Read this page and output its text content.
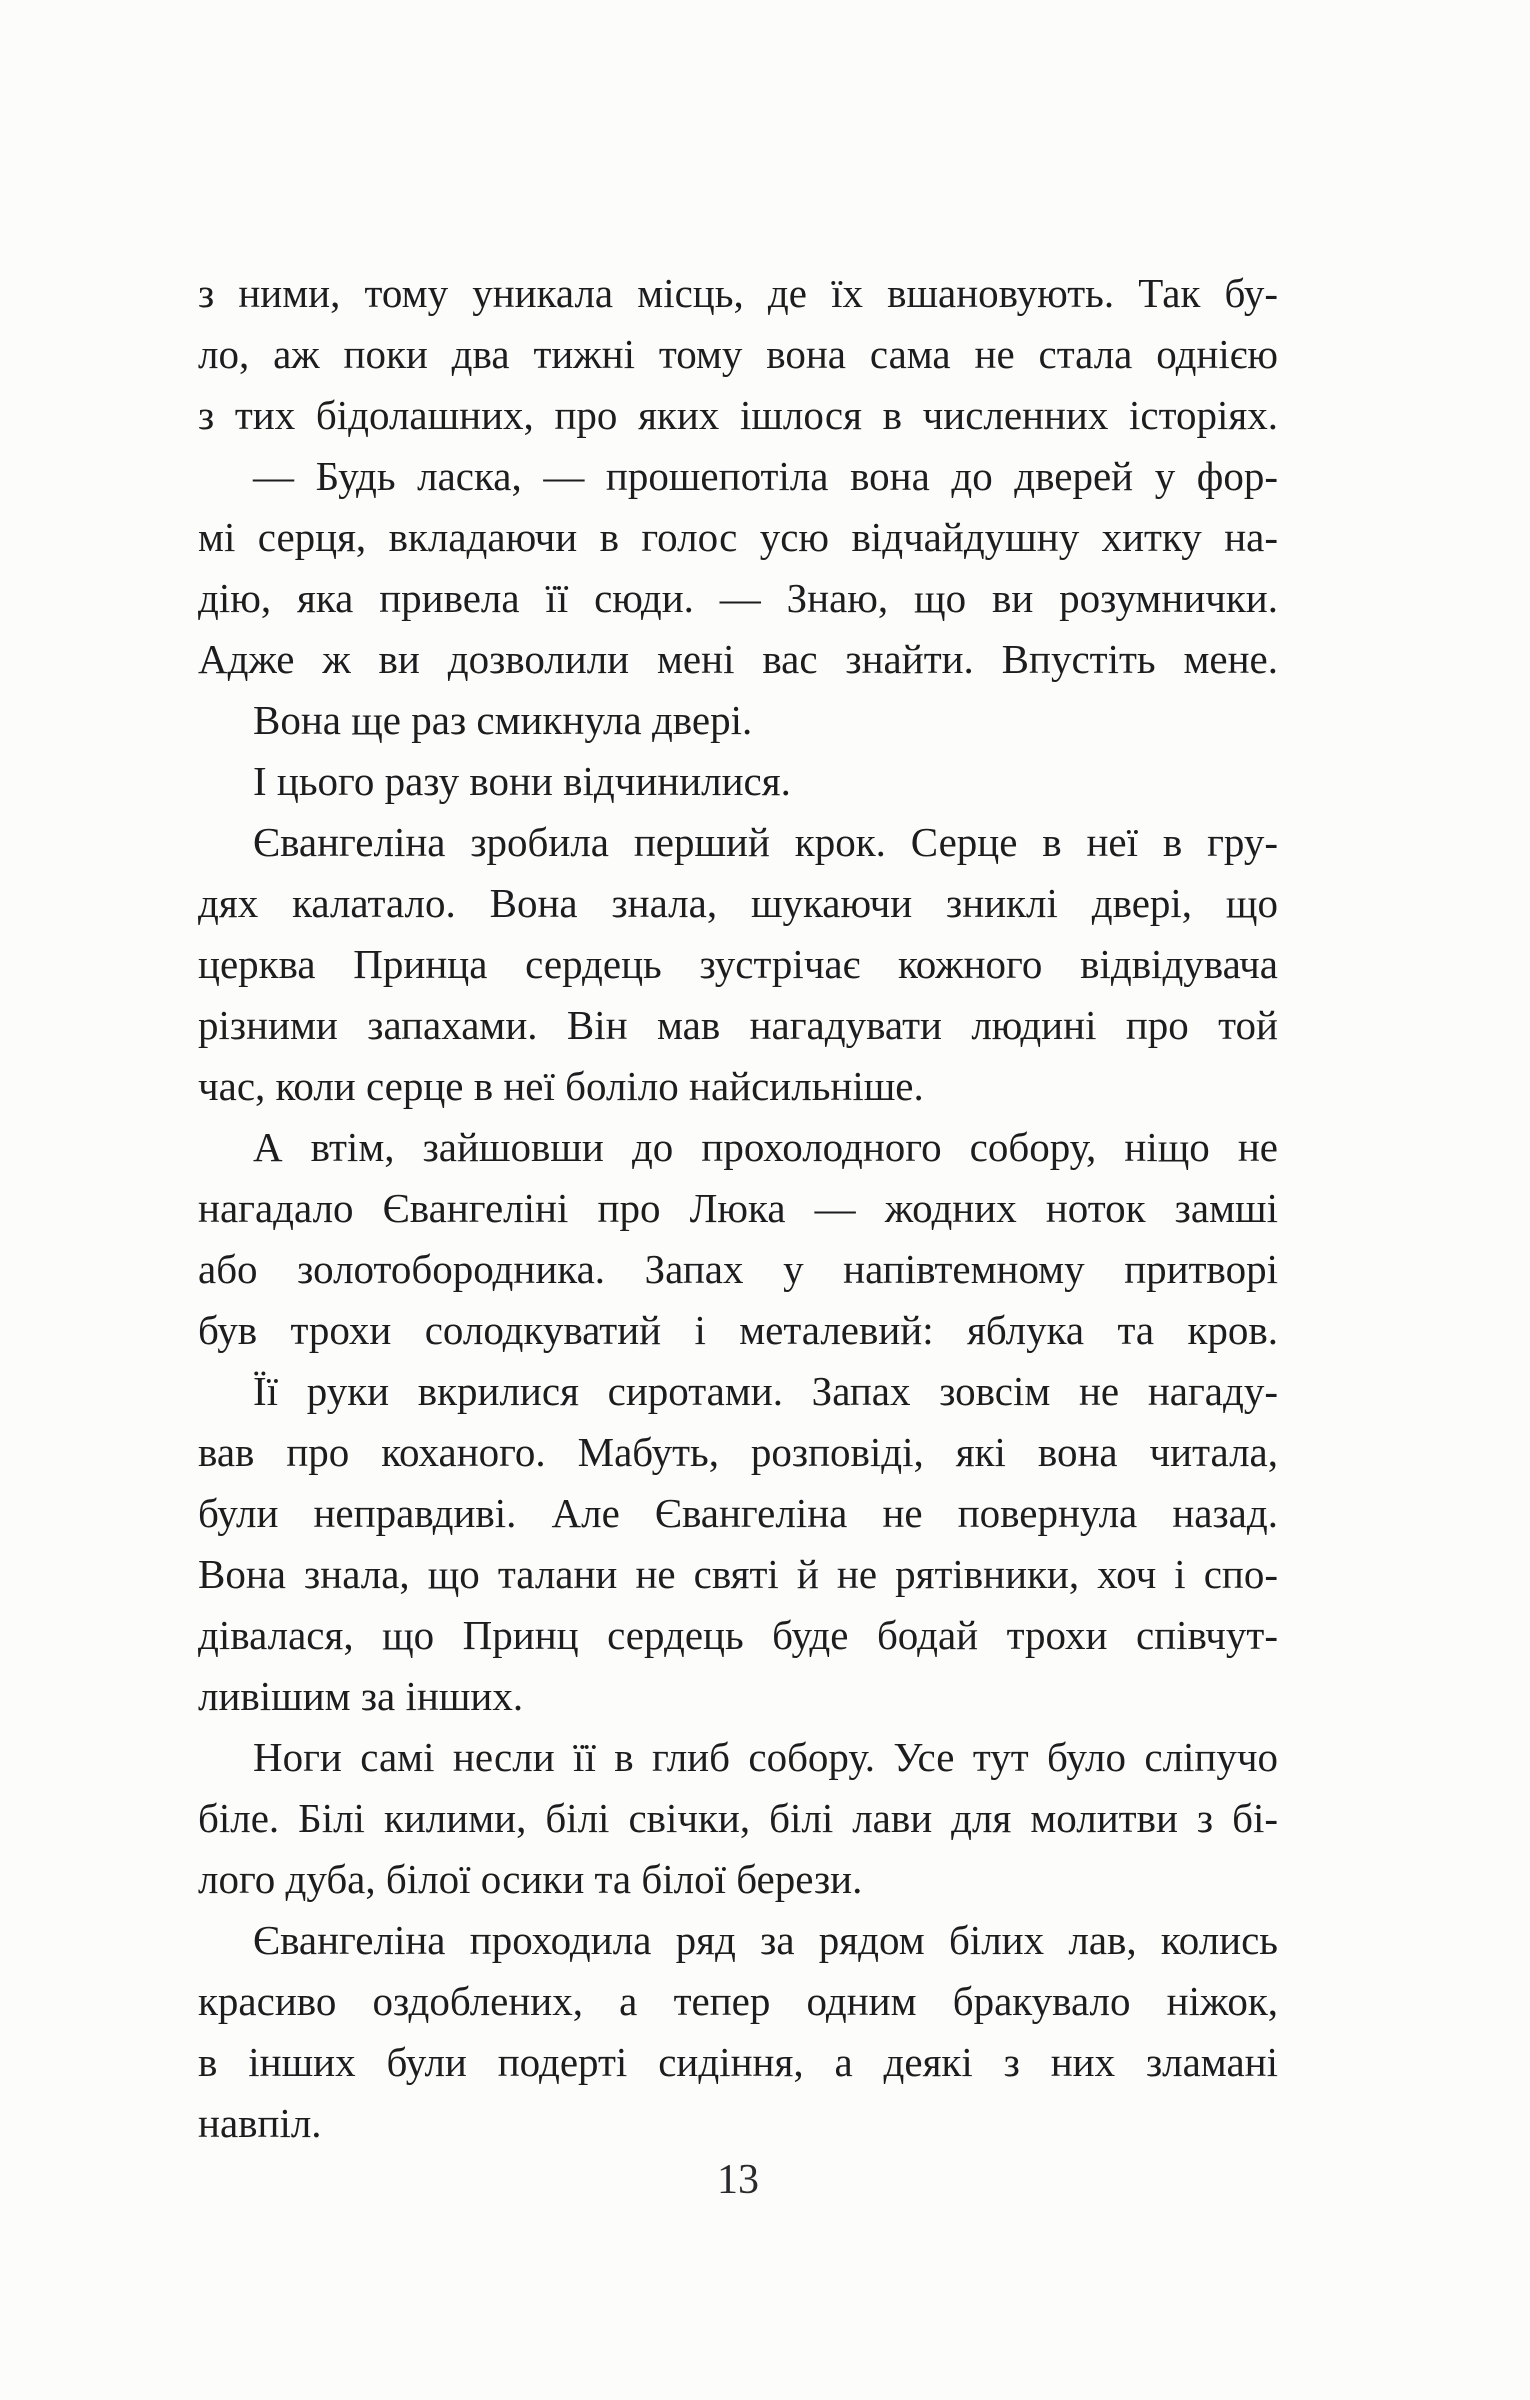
з ними, тому уникала місць, де їх вшановують. Так бу-
ло, аж поки два тижні тому вона сама не стала однією
з тих бідолашних, про яких ішлося в численних історіях.
— Будь ласка, — прошепотіла вона до дверей у фор-
мі серця, вкладаючи в голос усю відчайдушну хитку на-
дію, яка привела її сюди. — Знаю, що ви розумнички.
Адже ж ви дозволили мені вас знайти. Впустіть мене.
Вона ще раз смикнула двері.
І цього разу вони відчинилися.
Євангеліна зробила перший крок. Серце в неї в гру-
дях калатало. Вона знала, шукаючи зниклі двері, що
церква Принца сердець зустрічає кожного відвідувача
різними запахами. Він мав нагадувати людині про той
час, коли серце в неї боліло найсильніше.
А втім, зайшовши до прохолодного собору, ніщо не
нагадало Євангеліні про Люка — жодних ноток замші
або золотобородника. Запах у напівтемному притворі
був трохи солодкуватий і металевий: яблука та кров.
Її руки вкрилися сиротами. Запах зовсім не нагаду-
вав про коханого. Мабуть, розповіді, які вона читала,
були неправдиві. Але Євангеліна не повернула назад.
Вона знала, що талани не святі й не рятівники, хоч і спо-
дівалася, що Принц сердець буде бодай трохи співчут-
ливішим за інших.
Ноги самі несли її в глиб собору. Усе тут було сліпучо
біле. Білі килими, білі свічки, білі лави для молитви з бі-
лого дуба, білої осики та білої берези.
Євангеліна проходила ряд за рядом білих лав, колись
красиво оздоблених, а тепер одним бракувало ніжок,
в інших були подерті сидіння, а деякі з них зламані
навпіл.
13
